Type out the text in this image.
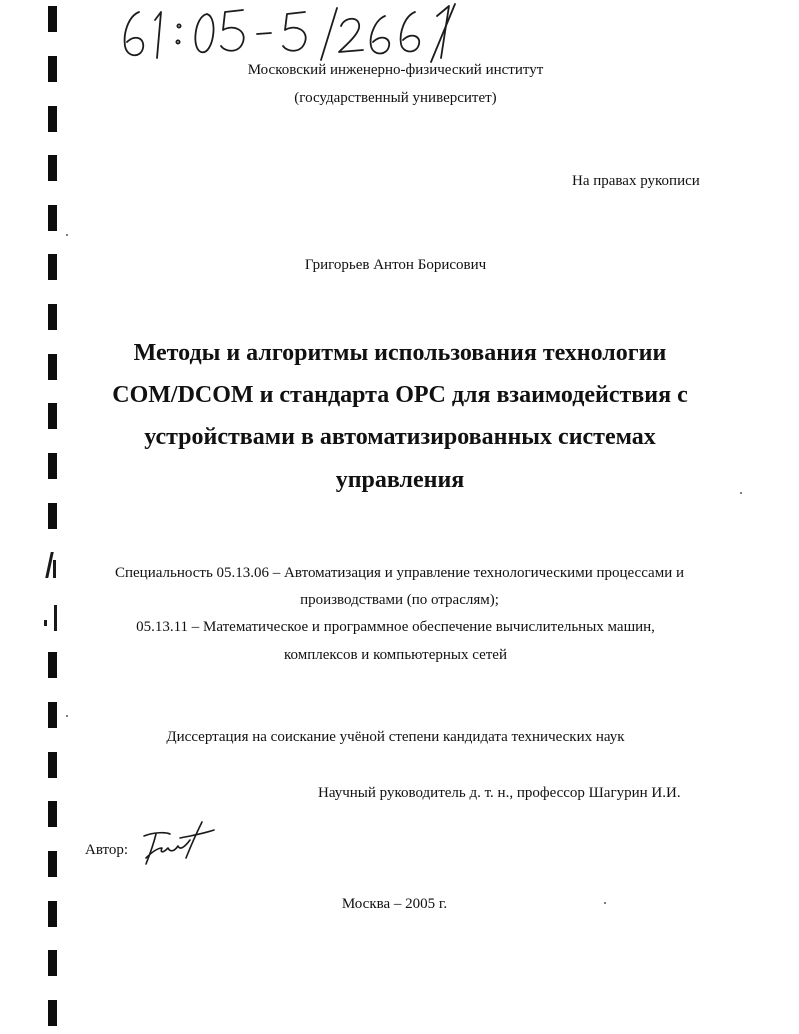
Московский инженерно-физический институт
(государственный университет)
На правах рукописи
Григорьев Антон Борисович
Методы и алгоритмы использования технологии
COM/DCOM и стандарта OPC для взаимодействия с
устройствами в автоматизированных системах
управления
Специальность 05.13.06 – Автоматизация и управление технологическими процессами и
производствами (по отраслям);
05.13.11 – Математическое и программное обеспечение вычислительных машин,
комплексов и компьютерных сетей
Диссертация на соискание учёной степени кандидата технических наук
Научный руководитель д. т. н., профессор Шагурин И.И.
Автор:
Москва – 2005 г.
